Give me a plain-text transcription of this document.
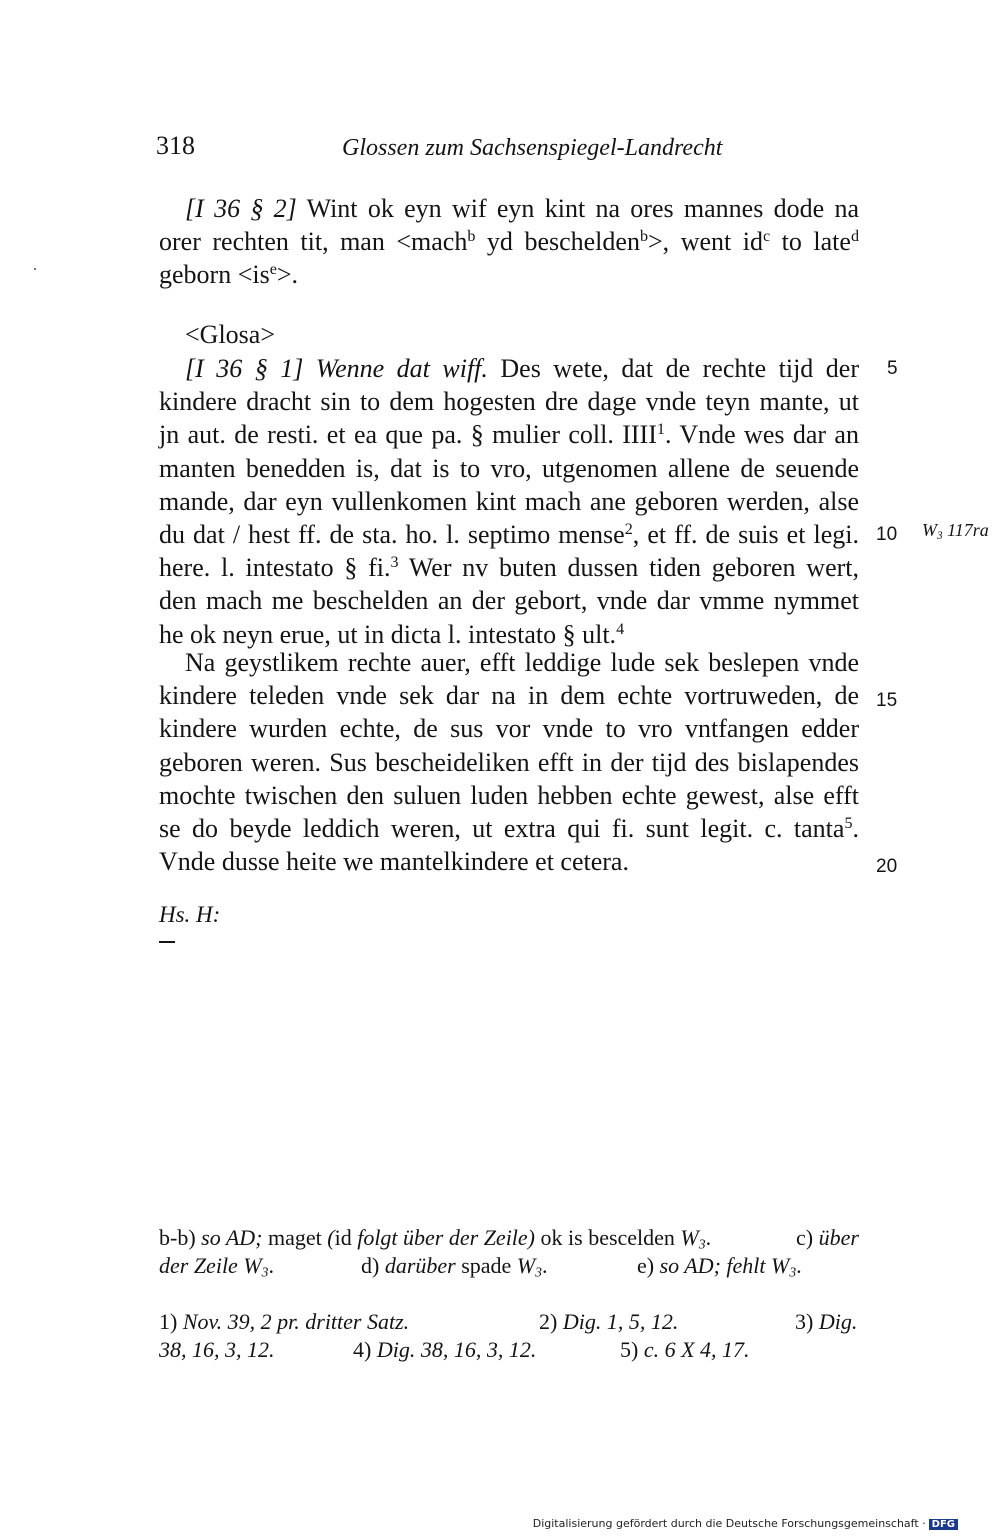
318	Glossen zum Sachsenspiegel-Landrecht
[I 36 § 2] Wint ok eyn wif eyn kint na ores mannes dode na
orer rechten tit, man <mach$^b$ yd beschelden$^b$>, went $id^c$ to late$^d$
geborn $<is^e>$.
<Glosa>
[I 36 § 1] Wenne dat wiff. Des wete, dat de rechte tijd der
kindere dracht sin to dem hogesten dre dage vnde teyn mante, ut
jn aut. de resti. et ea que pa. § mulier coll. IIII$^1$. Vnde wes dar an
manten benedden is, dat is to vro, utgenomen allene de seuende
mande, dar eyn vullenkomen kint mach ane geboren werden, alse
du dat / hest ff. de sta. ho. l. septimo mense$^2$, et ff. de suis et legi.
here. l. intestato § fi.$^3$ Wer nv buten dussen tiden geboren wert,
den mach me beschelden an der gebort, vnde dar vmme nymmet
he ok neyn erue, ut in dicta l. intestato § ult.$^4$
Na geystlikem rechte auer, efft leddige lude sek beslepen vnde
kindere teleden vnde sek dar na in dem echte vortruweden, de
kindere wurden echte, de sus vor vnde to vro vntfangen edder
geboren weren. Sus bescheideliken efft in der tijd des bislapendes
mochte twischen den suluen luden hebben echte gewest, alse efft
se do beyde leddich weren, ut extra qui fi. sunt legit. c. tanta$^5$.
Vnde dusse heite we mantelkindere et cetera.
5
10
15
20
$W_3$ 117ra
Hs. H:
b-b) so AD; maget (id folgt über der Zeile) ok is bescelden $W_3$.	c) über
der Zeile $W_3$.	d) darüber spade $W_3$.	e) so AD; fehlt $W_3$.
1) Nov. 39, 2 pr. dritter Satz.	2) Dig. 1, 5, 12.	3) Dig.
38, 16, 3, 12.	4) Dig. 38, 16, 3, 12.	5) c. 6 X 4, 17.
Digitalisierung gefördert durch die Deutsche Forschungsgemeinschaft · DFG
